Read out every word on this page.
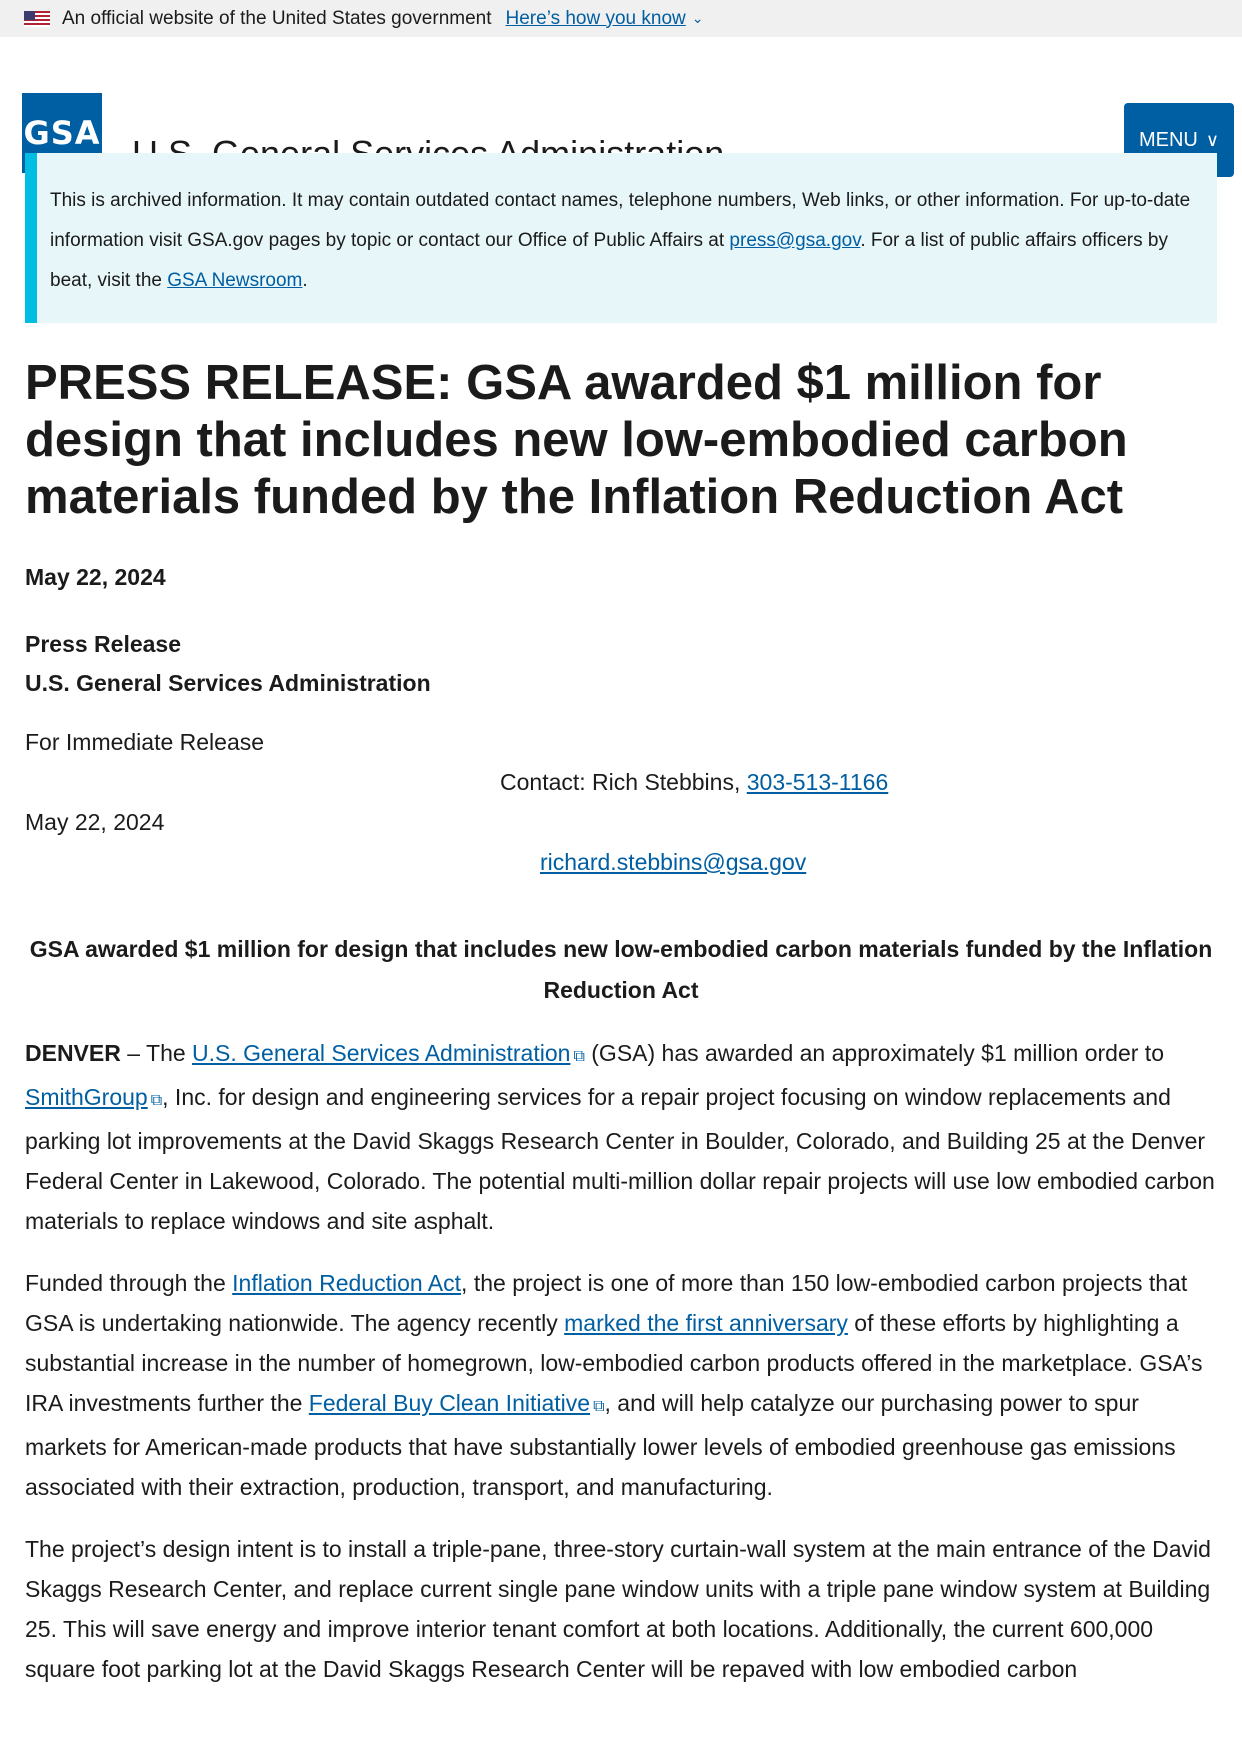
An official website of the United States government Here’s how you know ⌄
GSA	MENU ∨
This is archived information. It may contain outdated contact names, telephone numbers, Web links, or other information. For up-to-date information visit GSA.gov pages by topic or contact our Office of Public Affairs at press@gsa.gov. For a list of public affairs officers by beat, visit the GSA Newsroom.
PRESS RELEASE: GSA awarded $1 million for design that includes new low-embodied carbon materials funded by the Inflation Reduction Act
May 22, 2024
Press Release
U.S. General Services Administration
For Immediate Release
Contact: Rich Stebbins, 303-513-1166
May 22, 2024
richard.stebbins@gsa.gov
GSA awarded $1 million for design that includes new low-embodied carbon materials funded by the Inflation Reduction Act

DENVER – The U.S. General Services Administration ⧉ (GSA) has awarded an approximately $1 million order to SmithGroup ⧉, Inc. for design and engineering services for a repair project focusing on window replacements and parking lot improvements at the David Skaggs Research Center in Boulder, Colorado, and Building 25 at the Denver Federal Center in Lakewood, Colorado. The potential multi-million dollar repair projects will use low embodied carbon materials to replace windows and site asphalt.

Funded through the Inflation Reduction Act, the project is one of more than 150 low-embodied carbon projects that GSA is undertaking nationwide. The agency recently marked the first anniversary of these efforts by highlighting a substantial increase in the number of homegrown, low-embodied carbon products offered in the marketplace. GSA’s IRA investments further the Federal Buy Clean Initiative ⧉, and will help catalyze our purchasing power to spur markets for American-made products that have substantially lower levels of embodied greenhouse gas emissions associated with their extraction, production, transport, and manufacturing.

The project’s design intent is to install a triple-pane, three-story curtain-wall system at the main entrance of the David Skaggs Research Center, and replace current single pane window units with a triple pane window system at Building 25. This will save energy and improve interior tenant comfort at both locations. Additionally, the current 600,000 square foot parking lot at the David Skaggs Research Center will be repaved with low embodied carbon
